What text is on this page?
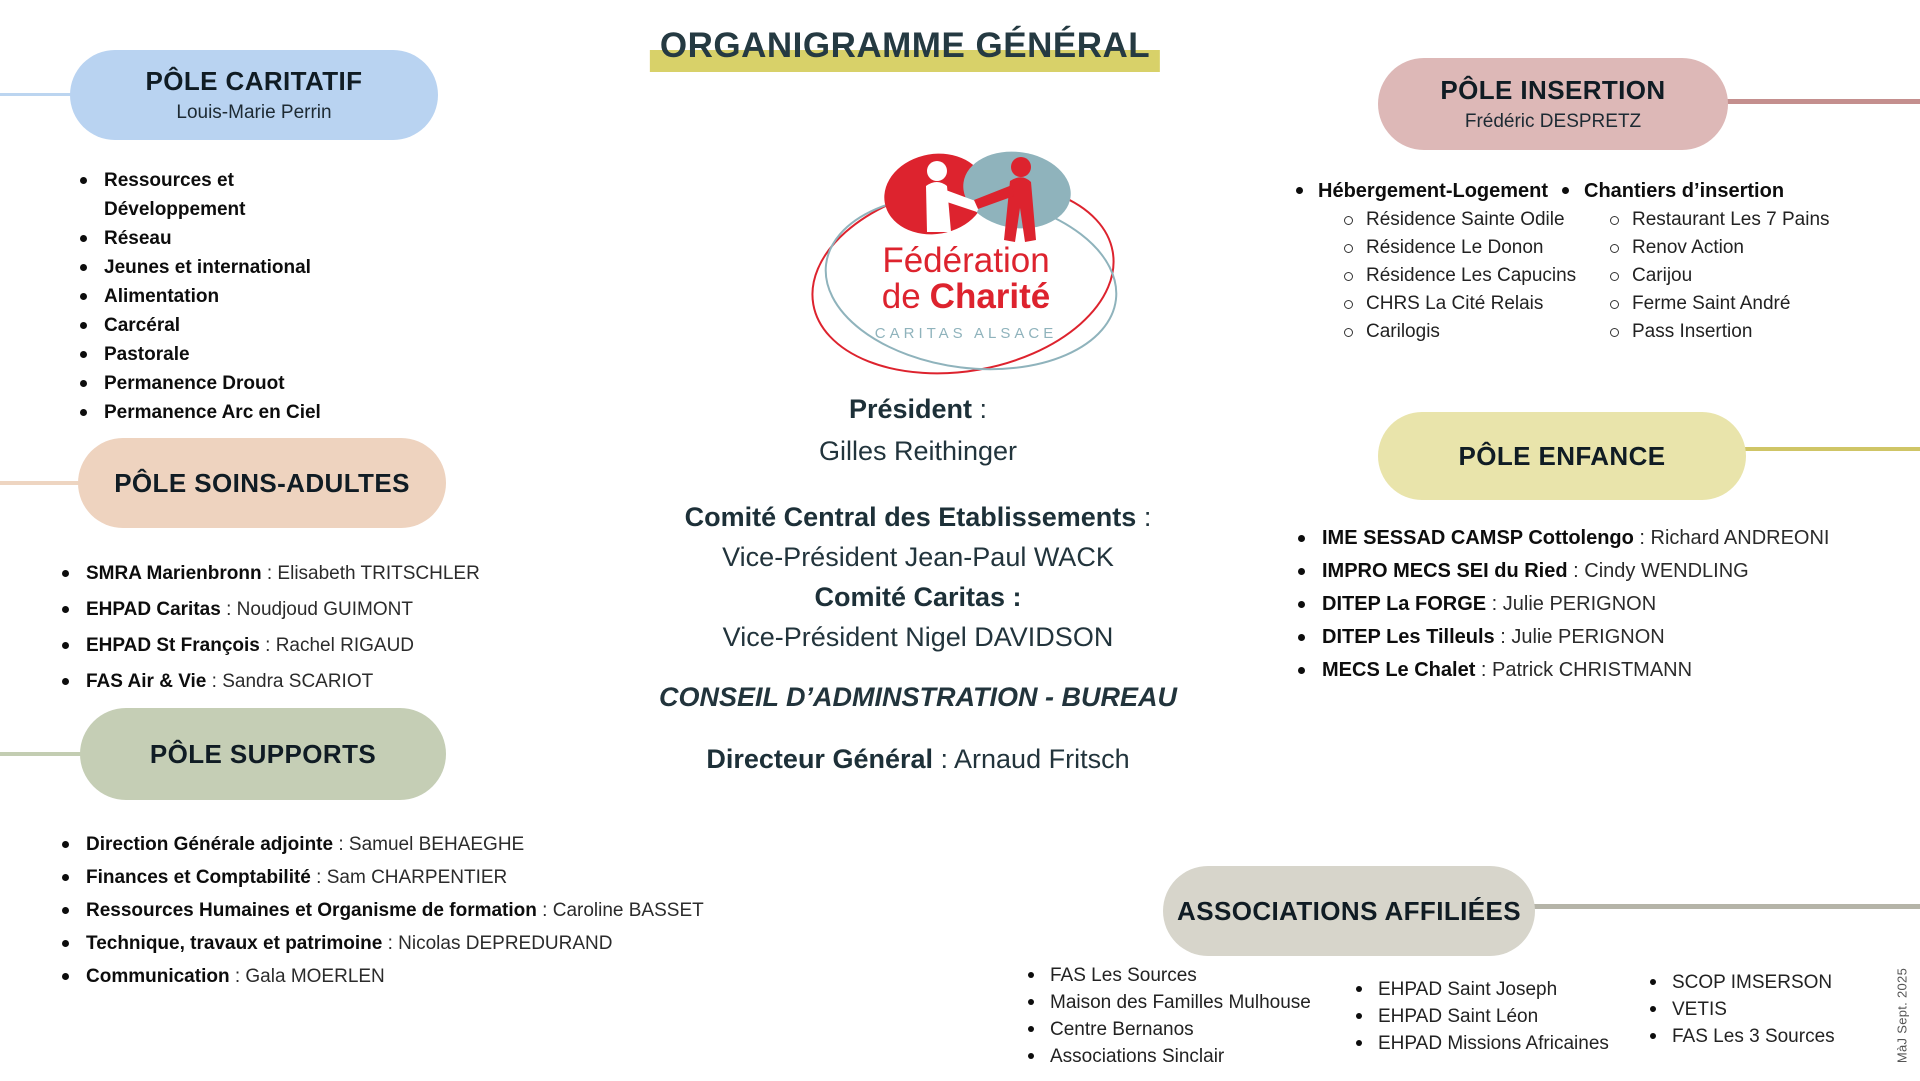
ORGANIGRAMME GÉNÉRAL
Fédération
de Charité
CARITAS ALSACE
Président :
Gilles Reithinger
Comité Central des Etablissements :
Vice-Président Jean-Paul WACK
Comité Caritas :
Vice-Président Nigel DAVIDSON
CONSEIL D’ADMINSTRATION - BUREAU
Directeur Général : Arnaud Fritsch
PÔLE CARITATIF
Louis-Marie Perrin
Ressources et Développement
Réseau
Jeunes et international
Alimentation
Carcéral
Pastorale
Permanence Drouot
Permanence Arc en Ciel
PÔLE SOINS-ADULTES
SMRA Marienbronn : Elisabeth TRITSCHLER
EHPAD Caritas : Noudjoud GUIMONT
EHPAD St François : Rachel RIGAUD
FAS Air & Vie : Sandra SCARIOT
PÔLE SUPPORTS
Direction Générale adjointe : Samuel BEHAEGHE
Finances et Comptabilité : Sam CHARPENTIER
Ressources Humaines et Organisme de formation : Caroline BASSET
Technique, travaux et patrimoine : Nicolas DEPREDURAND
Communication : Gala MOERLEN
PÔLE INSERTION
Frédéric DESPRETZ
Hébergement-Logement
Résidence Sainte Odile
Résidence Le Donon
Résidence Les Capucins
CHRS La Cité Relais
Carilogis
Chantiers d’insertion
Restaurant Les 7 Pains
Renov Action
Carijou
Ferme Saint André
Pass Insertion
PÔLE ENFANCE
IME SESSAD CAMSP Cottolengo : Richard ANDREONI
IMPRO MECS SEI du Ried : Cindy WENDLING
DITEP La FORGE : Julie PERIGNON
DITEP Les Tilleuls : Julie PERIGNON
MECS Le Chalet : Patrick CHRISTMANN
ASSOCIATIONS AFFILIÉES
FAS Les Sources
Maison des Familles Mulhouse
Centre Bernanos
Associations Sinclair
EHPAD Saint Joseph
EHPAD Saint Léon
EHPAD Missions Africaines
SCOP IMSERSON
VETIS
FAS Les 3 Sources	MàJ Sept. 2025
